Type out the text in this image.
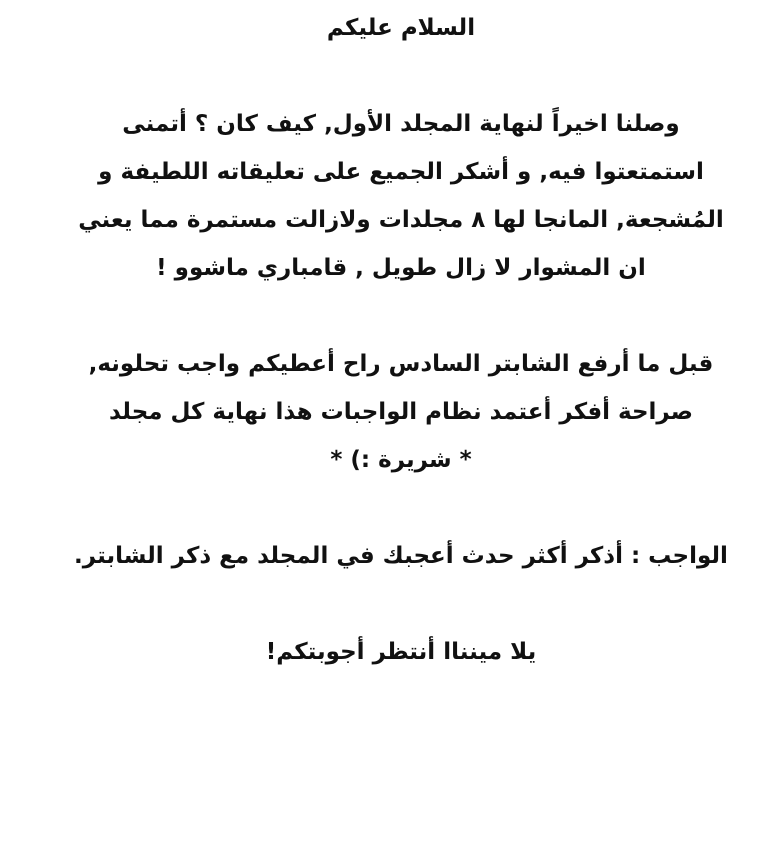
السلام عليكم
وصلنا اخيراً لنهاية المجلد الأول, كيف كان ؟ أتمنى
استمتعتوا فيه, و أشكر الجميع على تعليقاته اللطيفة و
المُشجعة, المانجا لها ٨ مجلدات ولازالت مستمرة مما يعني
ان المشوار لا زال طويل , قامباري ماشوو !
قبل ما أرفع الشابتر السادس راح أعطيكم واجب تحلونه,
صراحة أفكر أعتمد نظام الواجبات هذا نهاية كل مجلد
* شريرة :) *
الواجب : أذكر أكثر حدث أعجبك في المجلد مع ذكر الشابتر.
يلا مينناا أنتظر أجوبتكم!
